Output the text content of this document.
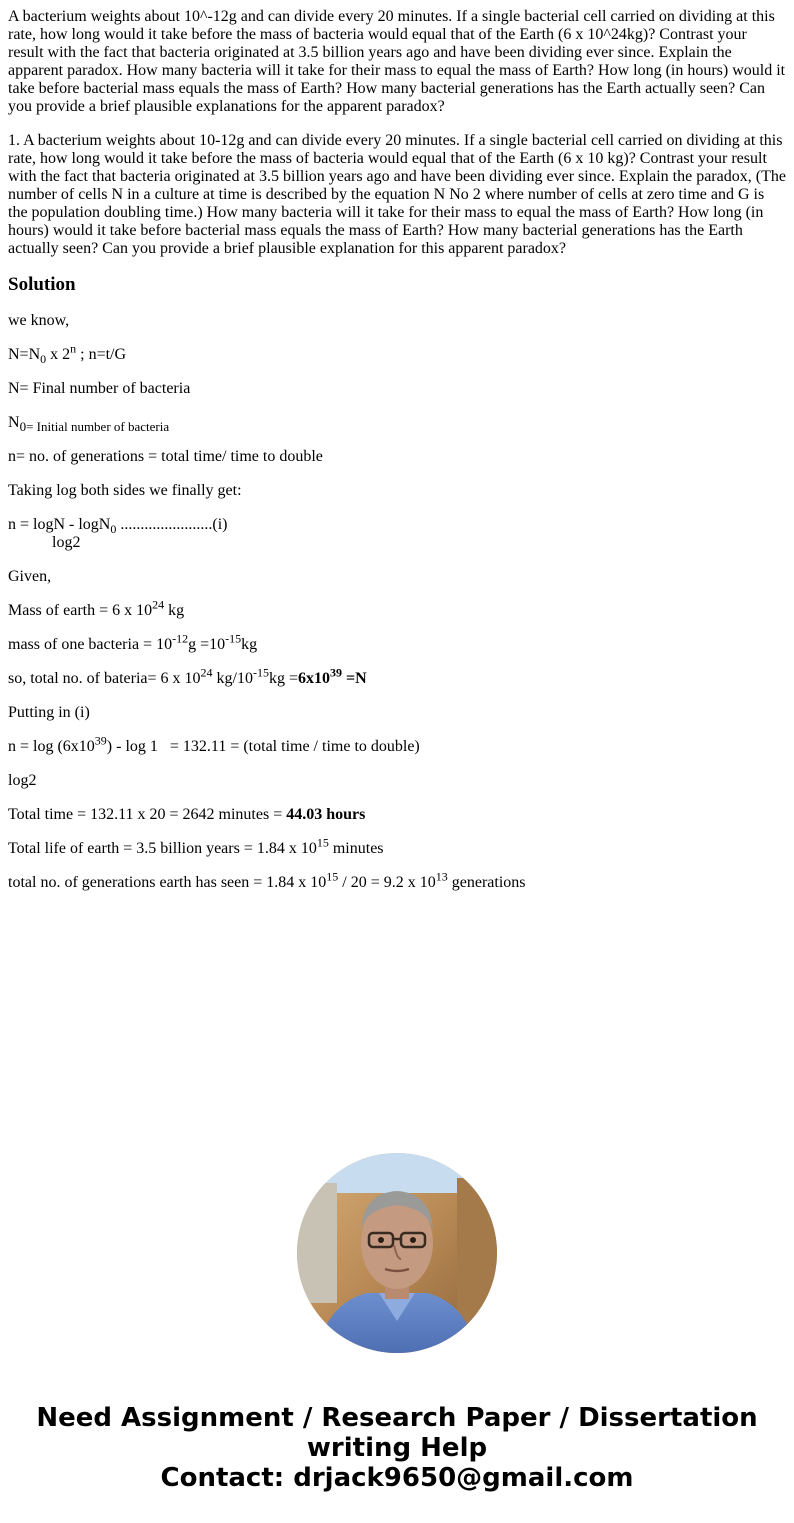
A bacterium weights about 10^-12g and can divide every 20 minutes. If a single bacterial cell carried on dividing at this rate, how long would it take before the mass of bacteria would equal that of the Earth (6 x 10^24kg)? Contrast your result with the fact that bacteria originated at 3.5 billion years ago and have been dividing ever since. Explain the apparent paradox. How many bacteria will it take for their mass to equal the mass of Earth? How long (in hours) would it take before bacterial mass equals the mass of Earth? How many bacterial generations has the Earth actually seen? Can you provide a brief plausible explanations for the apparent paradox?

1. A bacterium weights about 10-12g and can divide every 20 minutes. If a single bacterial cell carried on dividing at this rate, how long would it take before the mass of bacteria would equal that of the Earth (6 x 10 kg)? Contrast your result with the fact that bacteria originated at 3.5 billion years ago and have been dividing ever since. Explain the paradox, (The number of cells N in a culture at time is described by the equation N No 2 where number of cells at zero time and G is the population doubling time.) How many bacteria will it take for their mass to equal the mass of Earth? How long (in hours) would it take before bacterial mass equals the mass of Earth? How many bacterial generations has the Earth actually seen? Can you provide a brief plausible explanation for this apparent paradox?

Solution

we know,

$N=N_0$ x 2$^n$ ; n=t/G

N= Final number of bacteria

$N_{0= Initial number of bacteria}$

n= no. of generations = total time/ time to double

Taking log both sides we finally get:

n = logN - logN$_0$ .......................(i)
log2

Given,

Mass of earth = 6 x $10^{24}$ kg

mass of one bacteria = $10^{-12}g =10^{-15}kg$

so, total no. of bateria= 6 x $10^{24}$ $kg/10^{-15}kg =6x10^{39} =N$

Putting in (i)

$n = \log (6x10^{39}) - \log 1 = 132.11$ = (total time / time to double)

log2

Total time = 132.11 x 20 = 2642 minutes = 44.03 hours

Total life of earth = 3.5 billion years = 1.84 x $10^{15}$ minutes

total no. of generations earth has seen = 1.84 x $10^{15} / 20 = 9.2$ x $10^{13}$ generations

Need Assignment / Research Paper / Dissertation writing Help
Contact: drjack9650@gmail.com
